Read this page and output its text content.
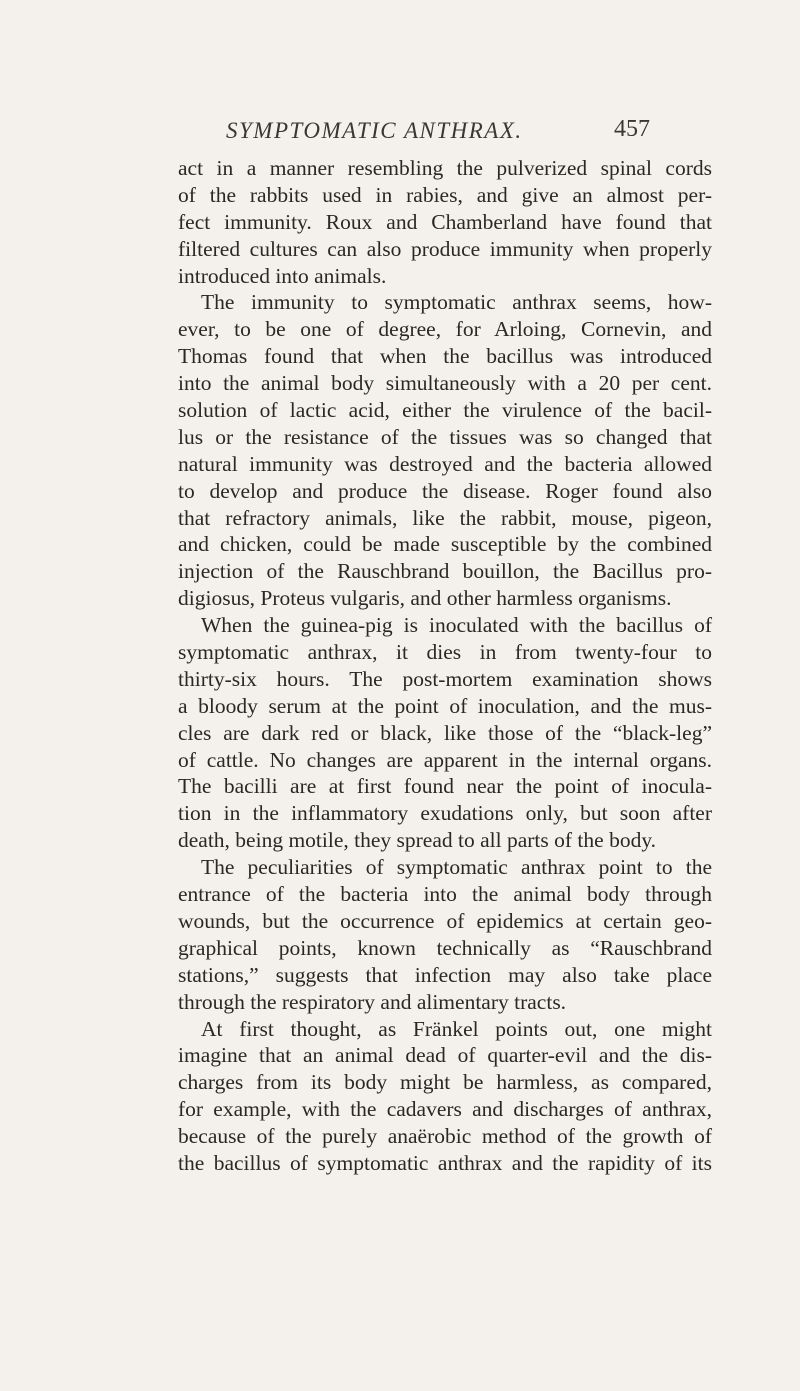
SYMPTOMATIC ANTHRAX.	457
act in a manner resembling the pulverized spinal cords
of the rabbits used in rabies, and give an almost per-
fect immunity. Roux and Chamberland have found that
filtered cultures can also produce immunity when properly
introduced into animals.
The immunity to symptomatic anthrax seems, how-
ever, to be one of degree, for Arloing, Cornevin, and
Thomas found that when the bacillus was introduced
into the animal body simultaneously with a 20 per cent.
solution of lactic acid, either the virulence of the bacil-
lus or the resistance of the tissues was so changed that
natural immunity was destroyed and the bacteria allowed
to develop and produce the disease. Roger found also
that refractory animals, like the rabbit, mouse, pigeon,
and chicken, could be made susceptible by the combined
injection of the Rauschbrand bouillon, the Bacillus pro-
digiosus, Proteus vulgaris, and other harmless organisms.
When the guinea-pig is inoculated with the bacillus of
symptomatic anthrax, it dies in from twenty-four to
thirty-six hours. The post-mortem examination shows
a bloody serum at the point of inoculation, and the mus-
cles are dark red or black, like those of the “black-leg”
of cattle. No changes are apparent in the internal organs.
The bacilli are at first found near the point of inocula-
tion in the inflammatory exudations only, but soon after
death, being motile, they spread to all parts of the body.
The peculiarities of symptomatic anthrax point to the
entrance of the bacteria into the animal body through
wounds, but the occurrence of epidemics at certain geo-
graphical points, known technically as “Rauschbrand
stations,” suggests that infection may also take place
through the respiratory and alimentary tracts.
At first thought, as Fränkel points out, one might
imagine that an animal dead of quarter-evil and the dis-
charges from its body might be harmless, as compared,
for example, with the cadavers and discharges of anthrax,
because of the purely anaërobic method of the growth of
the bacillus of symptomatic anthrax and the rapidity of its
